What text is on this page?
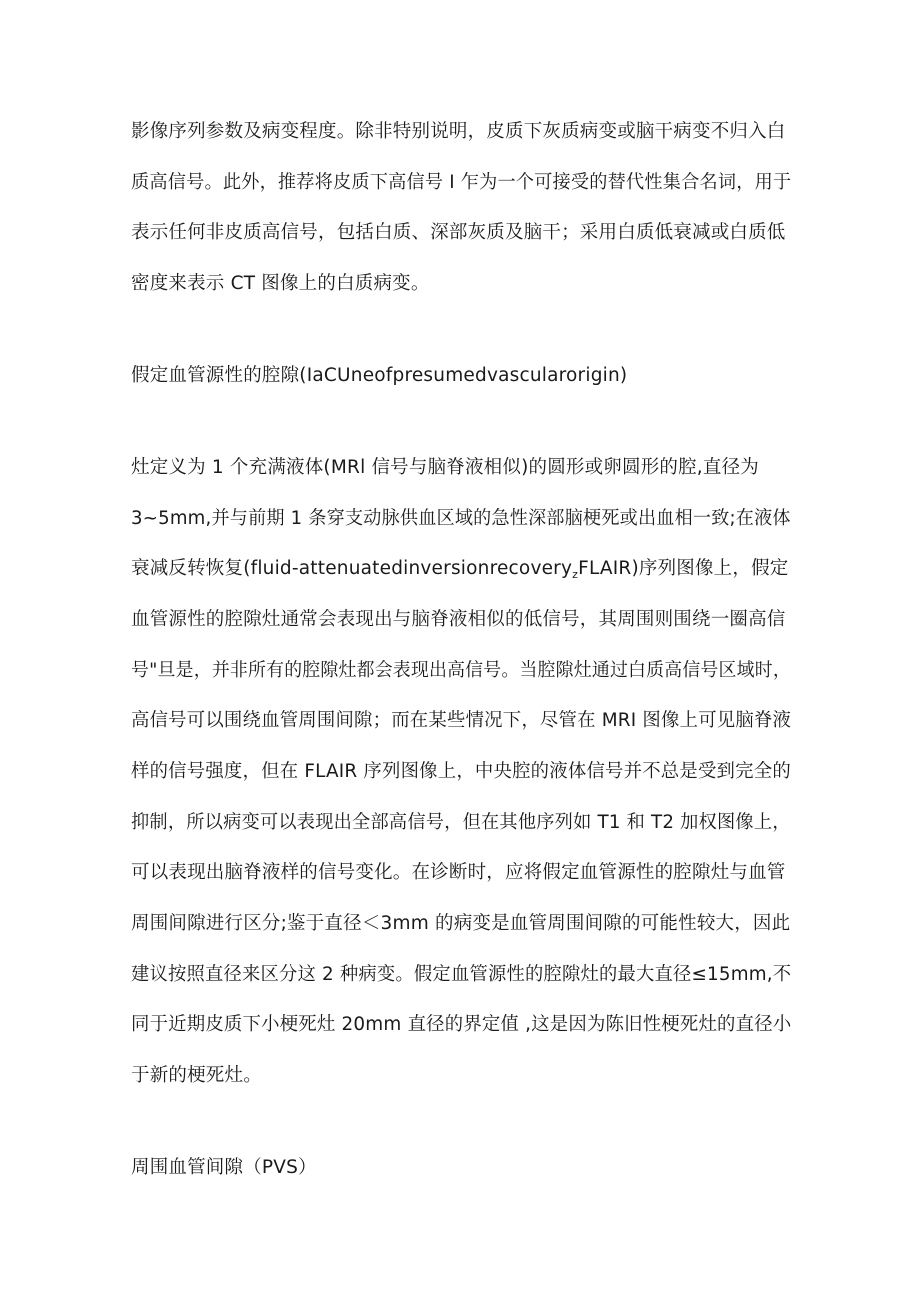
影像序列参数及病变程度。除非特别说明，皮质下灰质病变或脑干病变不归入白
质高信号。此外，推荐将皮质下高信号 I 乍为一个可接受的替代性集合名词，用于
表示任何非皮质高信号，包括白质、深部灰质及脑干；采用白质低衰减或白质低
密度来表示 CT 图像上的白质病变。
假定血管源性的腔隙(IaCUneofpresumedvascularorigin)
灶定义为 1 个充满液体(MRl 信号与脑脊液相似)的圆形或卵圆形的腔,直径为
3~5mm,并与前期 1 条穿支动脉供血区域的急性深部脑梗死或出血相一致;在液体
衰减反转恢复(fluid-attenuatedinversionrecovery$_z$FLAIR)序列图像上，假定
血管源性的腔隙灶通常会表现出与脑脊液相似的低信号，其周围则围绕一圈高信
号"旦是，并非所有的腔隙灶都会表现出高信号。当腔隙灶通过白质高信号区域时，
高信号可以围绕血管周围间隙；而在某些情况下，尽管在 MRI 图像上可见脑脊液
样的信号强度，但在 FLAIR 序列图像上，中央腔的液体信号并不总是受到完全的
抑制，所以病变可以表现出全部高信号，但在其他序列如 T1 和 T2 加权图像上，
可以表现出脑脊液样的信号变化。在诊断时，应将假定血管源性的腔隙灶与血管
周围间隙进行区分;鉴于直径＜3mm 的病变是血管周围间隙的可能性较大，因此
建议按照直径来区分这 2 种病变。假定血管源性的腔隙灶的最大直径≤15mm,不
同于近期皮质下小梗死灶 20mm 直径的界定值 ,这是因为陈旧性梗死灶的直径小
于新的梗死灶。
周围血管间隙（PVS）
